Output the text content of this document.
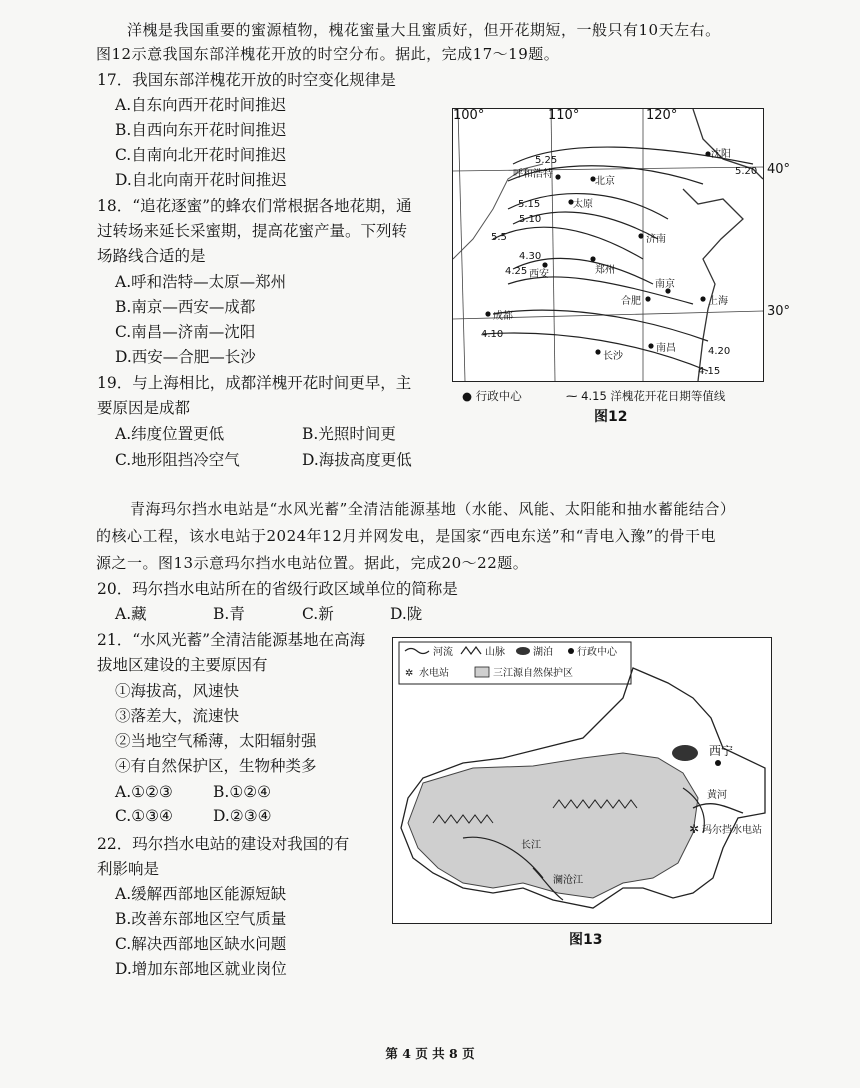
洋槐是我国重要的蜜源植物，槐花蜜量大且蜜质好，但开花期短，一般只有10天左右。
图12示意我国东部洋槐花开放的时空分布。据此，完成17～19题。
17．我国东部洋槐花开放的时空变化规律是
A.自东向西开花时间推迟
B.自西向东开花时间推迟
C.自南向北开花时间推迟
D.自北向南开花时间推迟
18．“追花逐蜜”的蜂农们常根据各地花期，通
过转场来延长采蜜期，提高花蜜产量。下列转
场路线合适的是
A.呼和浩特—太原—郑州
B.南京—西安—成都
C.南昌—济南—沈阳
D.西安—合肥—长沙
19．与上海相比，成都洋槐开花时间更早，主
要原因是成都
A.纬度位置更低	B.光照时间更
C.地形阻挡冷空气	D.海拔高度更低
100°	110°	120°
呼和浩特
北京
沈阳
太原
济南
西安	郑州
南京
合肥	上海
成都
长沙
南昌
5.25
5.20
5.15
5.10
5.5
4.30
4.25
4.20
4.15
4.10
40°
30°
● 行政中心	⁓ 4.15 洋槐花开花日期等值线
图12
青海玛尔挡水电站是“水风光蓄”全清洁能源基地（水能、风能、太阳能和抽水蓄能结合）
的核心工程，该水电站于2024年12月并网发电，是国家“西电东送”和“青电入豫”的骨干电
源之一。图13示意玛尔挡水电站位置。据此，完成20～22题。
20．玛尔挡水电站所在的省级行政区域单位的简称是
A.藏	B.青	C.新	D.陇
21．“水风光蓄”全清洁能源基地在高海
拔地区建设的主要原因有
①海拔高，风速快
③落差大，流速快
②当地空气稀薄，太阳辐射强
④有自然保护区，生物种类多
A.①②③	B.①②④
C.①③④	D.②③④
22．玛尔挡水电站的建设对我国的有
利影响是
A.缓解西部地区能源短缺
B.改善东部地区空气质量
C.解决西部地区缺水问题
D.增加东部地区就业岗位
河流	山脉	湖泊 行政中心
✲ 水电站	三江源自然保护区
西宁
黄河
长江
澜沧江
✲ 玛尔挡水电站
图13
第 4 页 共 8 页
